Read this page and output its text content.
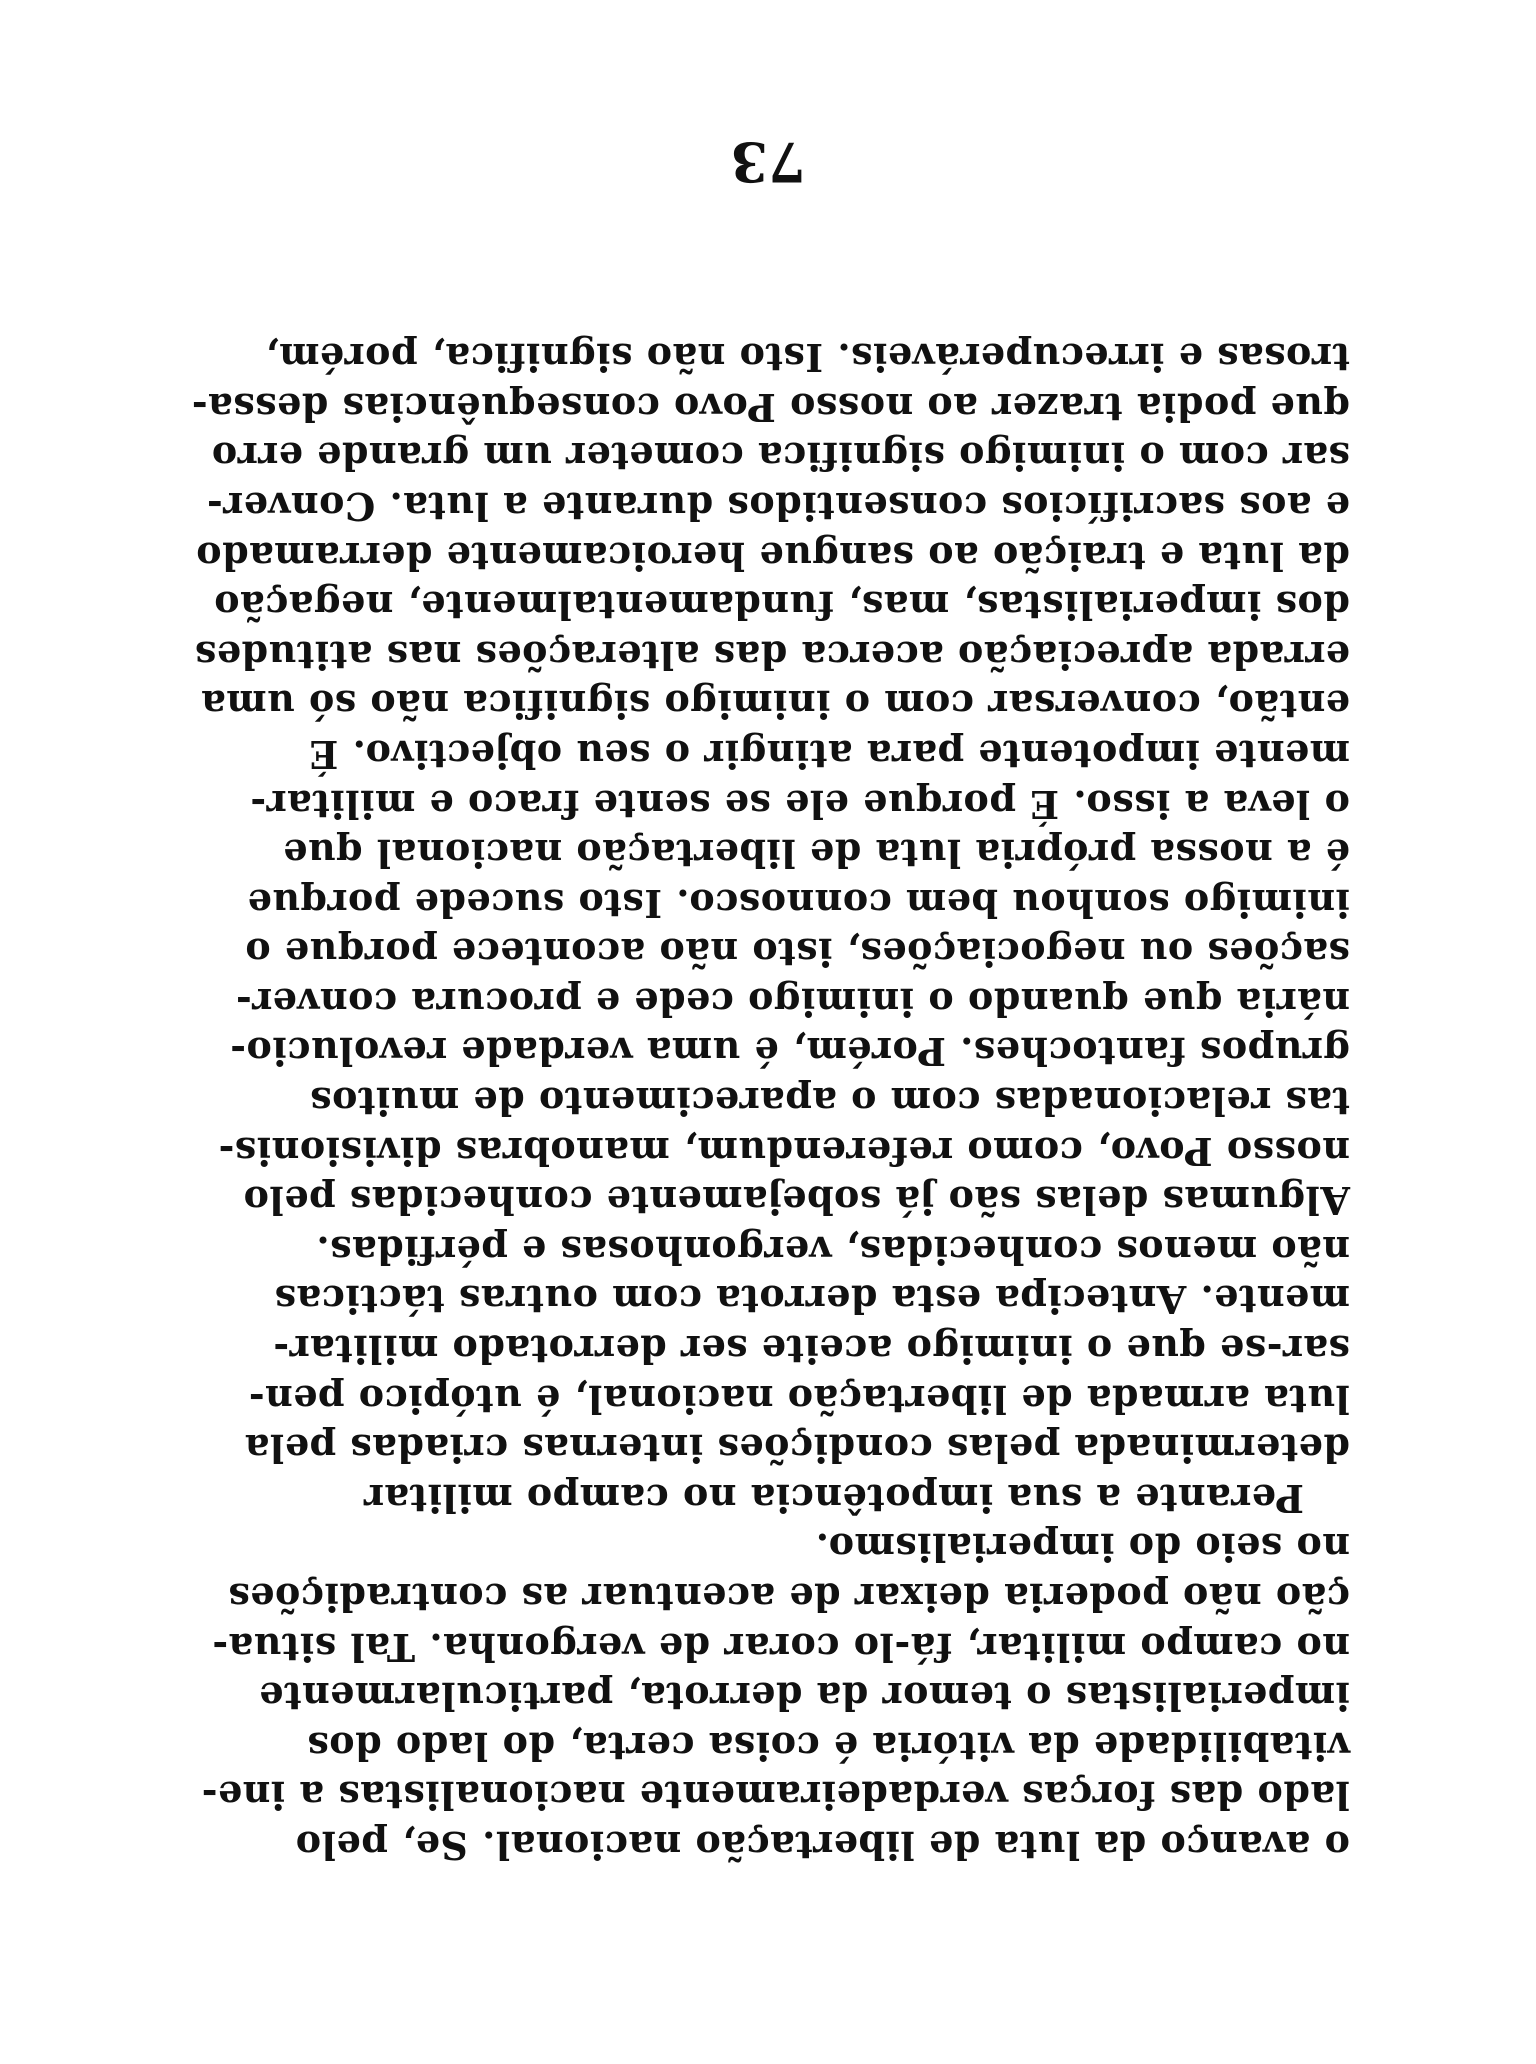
o avanço da luta de libertação nacional. Se, pelo
lado das forças verdadeiramente nacionalistas a ine-
vitabilidade da vitória é coisa certa, do lado dos
imperialistas o temor da derrota, particularmente
no campo militar, fá-lo corar de vergonha. Tal situa-
ção não poderia deixar de acentuar as contradições
no seio do imperialismo.
Perante a sua impotência no campo militar
determinada pelas condições internas criadas pela
luta armada de libertação nacional, é utópico pen-
sar-se que o inimigo aceite ser derrotado militar-
mente. Antecipa esta derrota com outras tácticas
não menos conhecidas, vergonhosas e pérfidas.
Algumas delas são já sobejamente conhecidas pelo
nosso Povo, como referendum, manobras divisionis-
tas relacionadas com o aparecimento de muitos
grupos fantoches. Porém, é uma verdade revolucio-
nária que quando o inimigo cede e procura conver-
sações ou negociações, isto não acontece porque o
inimigo sonhou bem connosco. Isto sucede porque
é a nossa própria luta de libertação nacional que
o leva a isso. É porque ele se sente fraco e militar-
mente impotente para atingir o seu objectivo. É
então, conversar com o inimigo significa não só uma
errada apreciação acerca das alterações nas atitudes
dos imperialistas, mas, fundamentalmente, negação
da luta e traição ao sangue heroicamente derramado
e aos sacrifícios consentidos durante a luta. Conver-
sar com o inimigo significa cometer um grande erro
que podia trazer ao nosso Povo consequências dessa-
trosas e irrecuperáveis. Isto não significa, porém,
73
